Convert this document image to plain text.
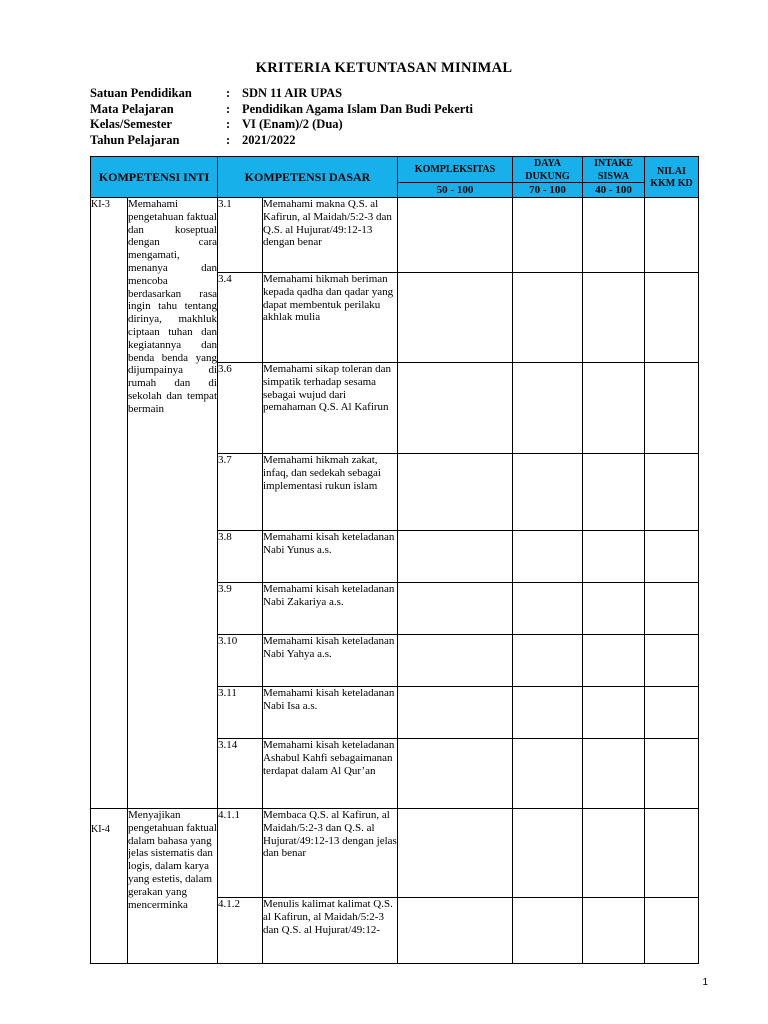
KRITERIA KETUNTASAN MINIMAL
Satuan Pendidikan	: SDN 11 AIR UPAS
Mata Pelajaran	: Pendidikan Agama Islam Dan Budi Pekerti
Kelas/Semester	: VI (Enam)/2 (Dua)
Tahun Pelajaran	: 2021/2022
KOMPETENSI INTI		KOMPETENSI DASAR		KOMPLEKSITAS	DAYA DUKUNG	INTAKE SISWA	NILAI KKM KD
				50 - 100	70 - 100	40 - 100	
KI-3	Memahami pengetahuan faktual dan koseptual dengan cara mengamati, menanya dan mencoba berdasarkan rasa ingin tahu tentang dirinya, makhluk ciptaan tuhan dan kegiatannya dan benda benda yang dijumpainya di rumah dan di sekolah dan tempat bermain	3.1	Memahami makna Q.S. al Kafirun, al Maidah/5:2-3 dan Q.S. al Hujurat/49:12-13 dengan benar				
		3.4	Memahami hikmah beriman kepada qadha dan qadar yang dapat membentuk perilaku akhlak mulia				
		3.6	Memahami sikap toleran dan simpatik terhadap sesama sebagai wujud dari pemahaman Q.S. Al Kafirun				
		3.7	Memahami hikmah zakat, infaq, dan sedekah sebagai implementasi rukun islam				
		3.8	Memahami kisah keteladanan Nabi Yunus a.s.				
		3.9	Memahami kisah keteladanan Nabi Zakariya a.s.				
		3.10	Memahami kisah keteladanan Nabi Yahya a.s.				
		3.11	Memahami kisah keteladanan Nabi Isa a.s.				
		3.14	Memahami kisah keteladanan Ashabul Kahfi sebagaimanan terdapat dalam Al Qur’an				
KI-4	Menyajikan pengetahuan faktual dalam bahasa yang jelas sistematis dan logis, dalam karya yang estetis, dalam gerakan yang mencerminka	4.1.1	Membaca Q.S. al Kafirun, al Maidah/5:2-3 dan Q.S. al Hujurat/49:12-13 dengan jelas dan benar				
		4.1.2	Menulis kalimat kalimat Q.S. al Kafirun, al Maidah/5:2-3 dan Q.S. al Hujurat/49:12-				

1
